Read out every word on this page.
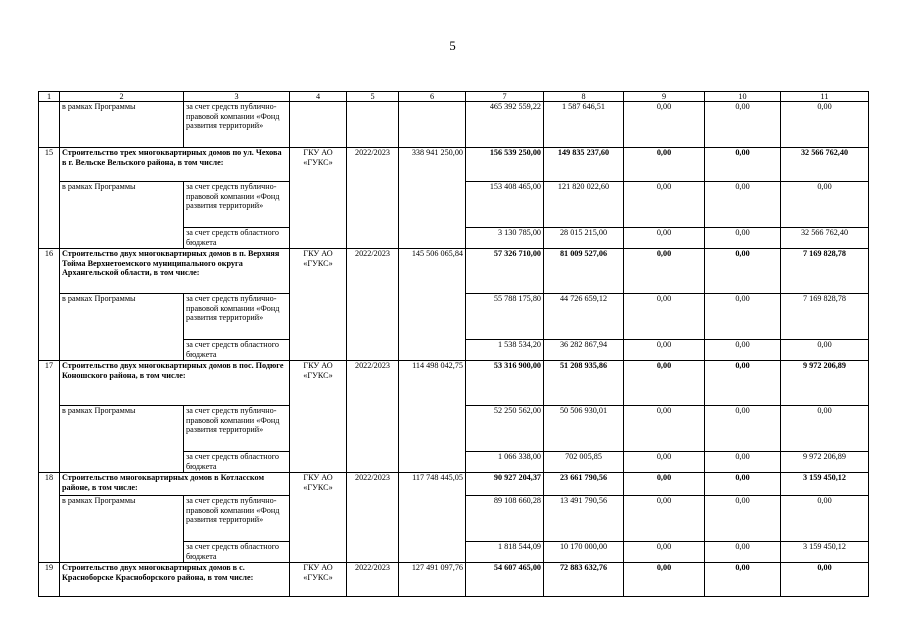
5
1	2	3	4	5	6	7	8	9	10	11
	в рамках Программы	за счет средств публично-правовой компании «Фонд развития территорий»				465 392 559,22	1 587 646,51	0,00	0,00	0,00
15	Строительство трех многоквартирных домов по ул. Чехова в г. Вельске Вельского района, в том числе:		ГКУ АО «ГУКС»	2022/2023	338 941 250,00	156 539 250,00	149 835 237,60	0,00	0,00	32 566 762,40
	в рамках Программы	за счет средств публично-правовой компании «Фонд развития территорий»				153 408 465,00	121 820 022,60	0,00	0,00	0,00
		за счет средств областного бюджета				3 130 785,00	28 015 215,00	0,00	0,00	32 566 762,40
16	Строительство двух многоквартирных домов в п. Верхняя Тойма Верхнетоемского муниципального округа Архангельской области, в том числе:		ГКУ АО «ГУКС»	2022/2023	145 506 065,84	57 326 710,00	81 009 527,06	0,00	0,00	7 169 828,78
	в рамках Программы	за счет средств публично-правовой компании «Фонд развития территорий»				55 788 175,80	44 726 659,12	0,00	0,00	7 169 828,78
		за счет средств областного бюджета				1 538 534,20	36 282 867,94	0,00	0,00	0,00
17	Строительство двух многоквартирных домов в пос. Подюге Коношского района, в том числе:		ГКУ АО «ГУКС»	2022/2023	114 498 042,75	53 316 900,00	51 208 935,86	0,00	0,00	9 972 206,89
	в рамках Программы	за счет средств публично-правовой компании «Фонд развития территорий»				52 250 562,00	50 506 930,01	0,00	0,00	0,00
		за счет средств областного бюджета				1 066 338,00	702 005,85	0,00	0,00	9 972 206,89
18	Строительство многоквартирных домов в Котласском районе, в том числе:		ГКУ АО «ГУКС»	2022/2023	117 748 445,05	90 927 204,37	23 661 790,56	0,00	0,00	3 159 450,12
	в рамках Программы	за счет средств публично-правовой компании «Фонд развития территорий»				89 108 660,28	13 491 790,56	0,00	0,00	0,00
		за счет средств областного бюджета				1 818 544,09	10 170 000,00	0,00	0,00	3 159 450,12
19	Строительство двух многоквартирных домов в с. Красноборске Красноборского района, в том числе:		ГКУ АО «ГУКС»	2022/2023	127 491 097,76	54 607 465,00	72 883 632,76	0,00	0,00	0,00
